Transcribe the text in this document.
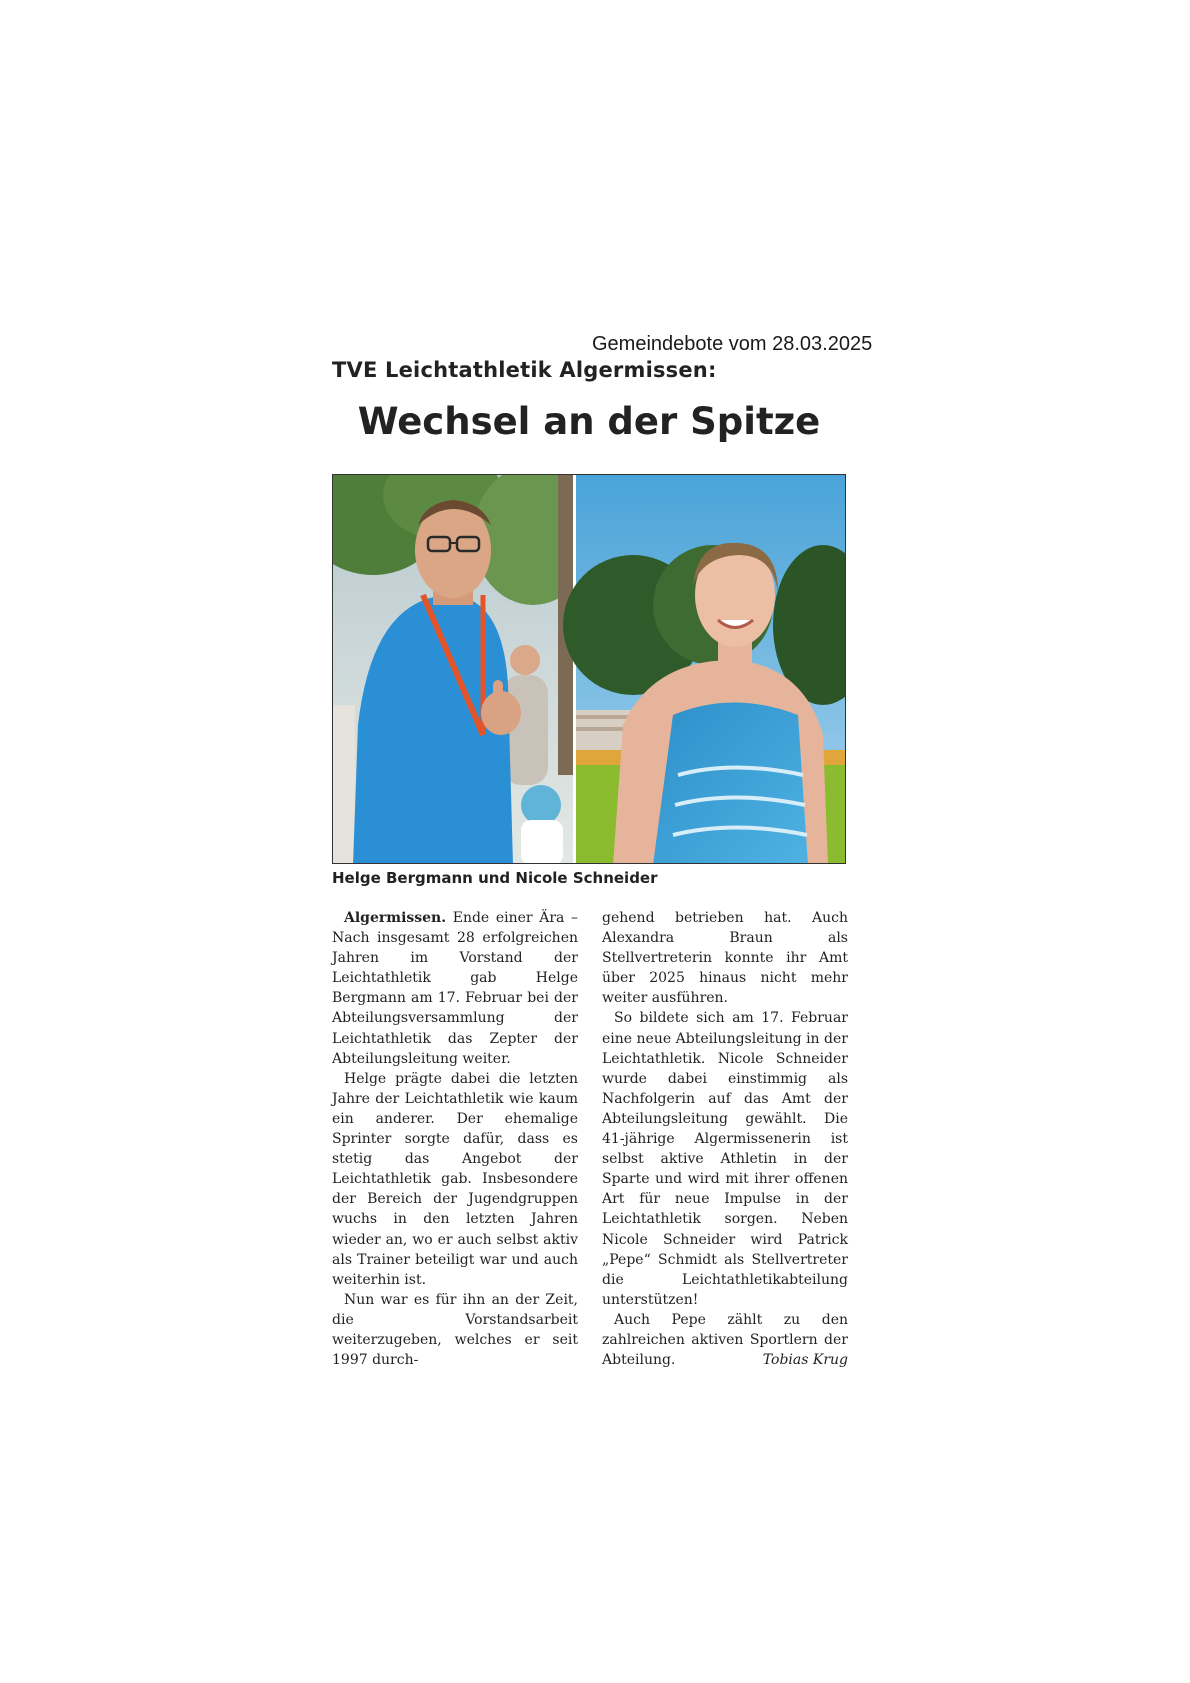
Gemeindebote vom 28.03.2025
TVE Leichtathletik Algermissen:
Wechsel an der Spitze
Helge Bergmann und Nicole Schneider

Algermissen. Ende einer Ära – Nach insgesamt 28 erfolgreichen Jahren im Vorstand der Leichtathletik gab Helge Bergmann am 17. Februar bei der Abteilungsversammlung der Leichtathletik das Zepter der Abteilungsleitung weiter.

Helge prägte dabei die letzten Jahre der Leichtathletik wie kaum ein anderer. Der ehemalige Sprinter sorgte dafür, dass es stetig das Angebot der Leichtathletik gab. Insbesondere der Bereich der Jugendgruppen wuchs in den letzten Jahren wieder an, wo er auch selbst aktiv als Trainer beteiligt war und auch weiterhin ist.

Nun war es für ihn an der Zeit, die Vorstandsarbeit weiterzugeben, welches er seit 1997 durch-

gehend betrieben hat. Auch Alexandra Braun als Stellvertreterin konnte ihr Amt über 2025 hinaus nicht mehr weiter ausführen.

So bildete sich am 17. Februar eine neue Abteilungsleitung in der Leichtathletik. Nicole Schneider wurde dabei einstimmig als Nachfolgerin auf das Amt der Abteilungsleitung gewählt. Die 41-jährige Algermissenerin ist selbst aktive Athletin in der Sparte und wird mit ihrer offenen Art für neue Impulse in der Leichtathletik sorgen. Neben Nicole Schneider wird Patrick „Pepe“ Schmidt als Stellvertreter die Leichtathletikabteilung unterstützen!

Auch Pepe zählt zu den zahlreichen aktiven Sportlern der Abteilung.	Tobias Krug
